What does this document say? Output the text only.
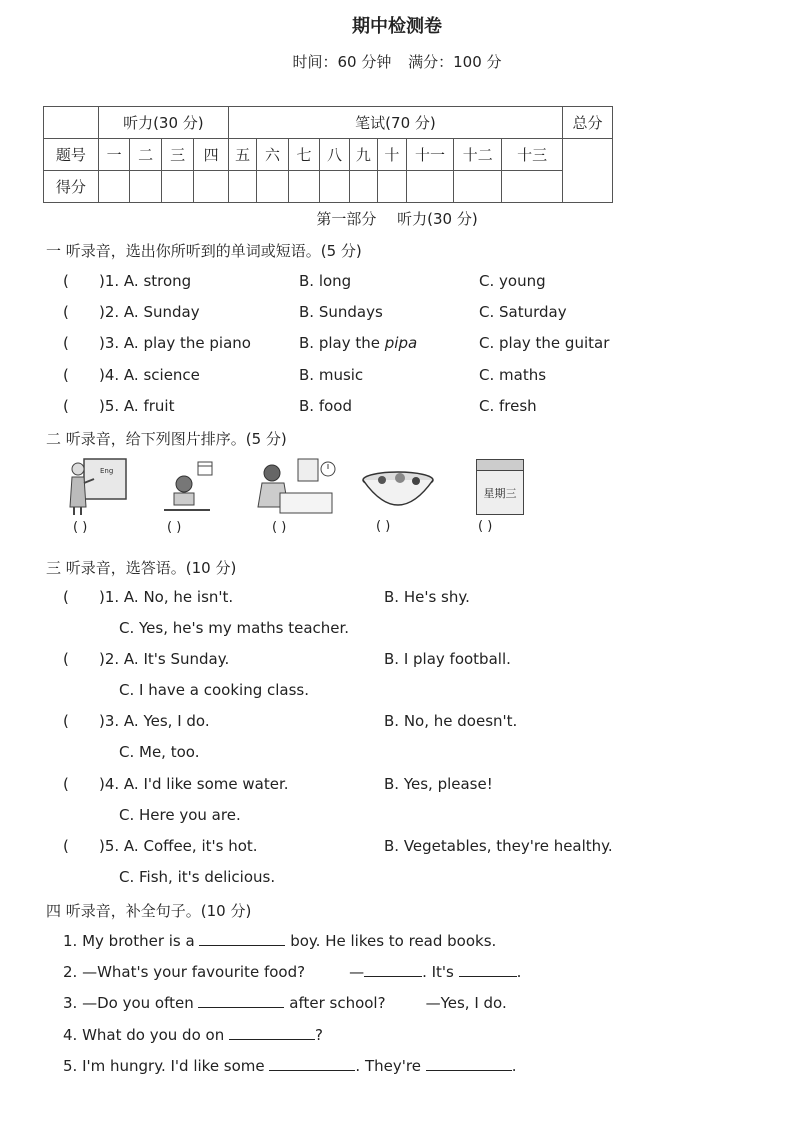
期中检测卷
时间：60 分钟 满分：100 分
	听力(30 分)				笔试(70 分)									总分
题号	一	二	三	四	五	六	七	八	九	十	十一	十二	十三	
得分														
第一部分 听力(30 分)
一 听录音，选出你所听到的单词或短语。(5 分)
( )1. A. strong	B. long	C. young
( )2. A. Sunday	B. Sundays	C. Saturday
( )3. A. play the piano	B. play the pipa	C. play the guitar
( )4. A. science	B. music	C. maths
( )5. A. fruit	B. food	C. fresh
二 听录音，给下列图片排序。(5 分)
Eng
星期三
( )	( )	( )	( )	( )
三 听录音，选答语。(10 分)
( )1. A. No, he isn't.	B. He's shy.
C. Yes, he's my maths teacher.
( )2. A. It's Sunday.	B. I play football.
C. I have a cooking class.
( )3. A. Yes, I do.	B. No, he doesn't.
C. Me, too.
( )4. A. I'd like some water.	B. Yes, please!
C. Here you are.
( )5. A. Coffee, it's hot.	B. Vegetables, they're healthy.
C. Fish, it's delicious.
四 听录音，补全句子。(10 分)
1. My brother is a	boy. He likes to read books.
2. —What's your favourite food?	—	. It's	.
3. —Do you often	after school?	—Yes, I do.
4. What do you do on	?
5. I'm hungry. I'd like some	. They're	.
